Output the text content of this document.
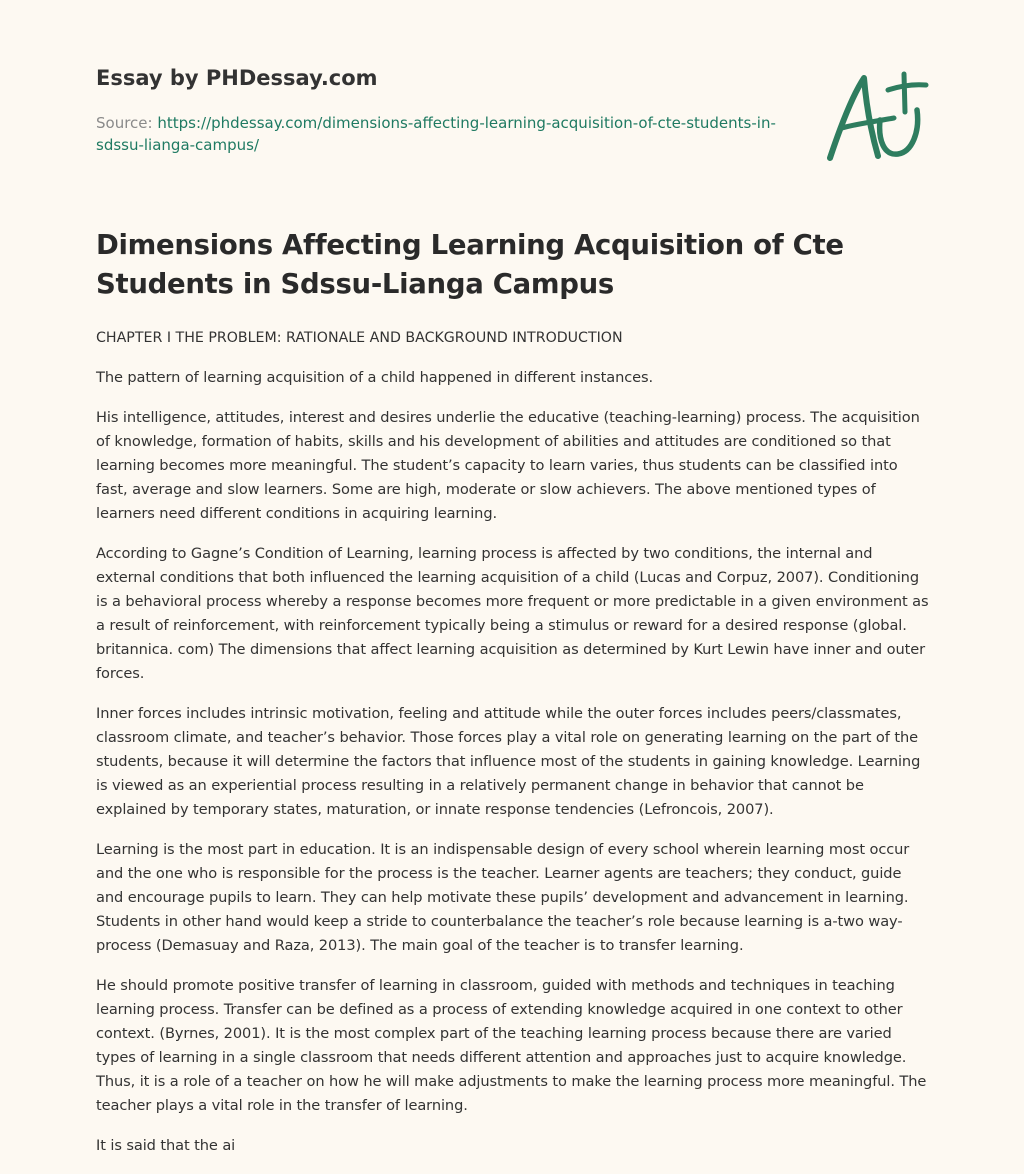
Essay by PHDessay.com
Source: https://phdessay.com/dimensions-affecting-learning-acquisition-of-cte-students-in-sdssu-lianga-campus/
Dimensions Affecting Learning Acquisition of Cte Students in Sdssu-Lianga Campus

CHAPTER I THE PROBLEM: RATIONALE AND BACKGROUND INTRODUCTION

The pattern of learning acquisition of a child happened in different instances.

His intelligence, attitudes, interest and desires underlie the educative (teaching-learning) process. The acquisition of knowledge, formation of habits, skills and his development of abilities and attitudes are conditioned so that learning becomes more meaningful. The student’s capacity to learn varies, thus students can be classified into fast, average and slow learners. Some are high, moderate or slow achievers. The above mentioned types of learners need different conditions in acquiring learning.

According to Gagne’s Condition of Learning, learning process is affected by two conditions, the internal and external conditions that both influenced the learning acquisition of a child (Lucas and Corpuz, 2007). Conditioning is a behavioral process whereby a response becomes more frequent or more predictable in a given environment as a result of reinforcement, with reinforcement typically being a stimulus or reward for a desired response (global. britannica. com) The dimensions that affect learning acquisition as determined by Kurt Lewin have inner and outer forces.

Inner forces includes intrinsic motivation, feeling and attitude while the outer forces includes peers/classmates, classroom climate, and teacher’s behavior. Those forces play a vital role on generating learning on the part of the students, because it will determine the factors that influence most of the students in gaining knowledge. Learning is viewed as an experiential process resulting in a relatively permanent change in behavior that cannot be explained by temporary states, maturation, or innate response tendencies (Lefroncois, 2007).

Learning is the most part in education. It is an indispensable design of every school wherein learning most occur and the one who is responsible for the process is the teacher. Learner agents are teachers; they conduct, guide and encourage pupils to learn. They can help motivate these pupils’ development and advancement in learning. Students in other hand would keep a stride to counterbalance the teacher’s role because learning is a-two way-process (Demasuay and Raza, 2013). The main goal of the teacher is to transfer learning.

He should promote positive transfer of learning in classroom, guided with methods and techniques in teaching learning process. Transfer can be defined as a process of extending knowledge acquired in one context to other context. (Byrnes, 2001). It is the most complex part of the teaching learning process because there are varied types of learning in a single classroom that needs different attention and approaches just to acquire knowledge. Thus, it is a role of a teacher on how he will make adjustments to make the learning process more meaningful. The teacher plays a vital role in the transfer of learning.

It is said that the ai
